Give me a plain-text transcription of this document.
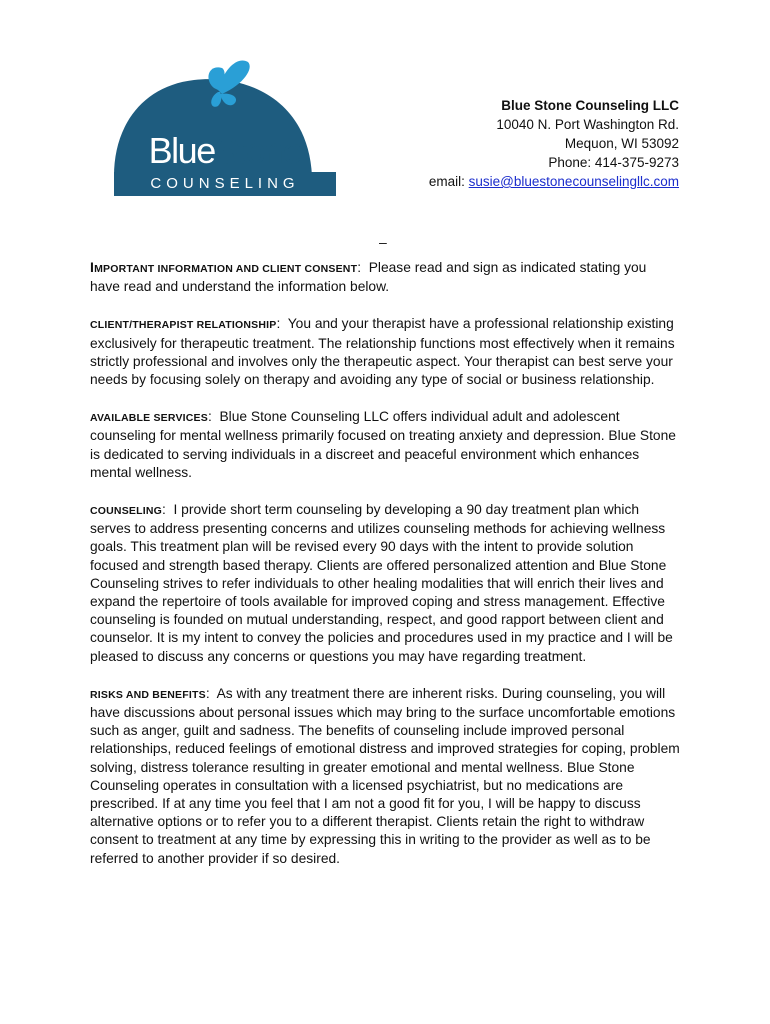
BlueStone
COUNSELING
Blue Stone Counseling LLC
10040 N. Port Washington Rd.
Mequon, WI 53092
Phone: 414-375-9273
email: susie@bluestonecounselingllc.com
–

IMPORTANT INFORMATION AND CLIENT CONSENT:  Please read and sign as indicated stating you have read and understand the information below.

CLIENT/THERAPIST RELATIONSHIP:  You and your therapist have a professional relationship existing exclusively for therapeutic treatment. The relationship functions most effectively when it remains strictly professional and involves only the therapeutic aspect. Your therapist can best serve your needs by focusing solely on therapy and avoiding any type of social or business relationship.

AVAILABLE SERVICES:  Blue Stone Counseling LLC offers individual adult and adolescent counseling for mental wellness primarily focused on treating anxiety and depression. Blue Stone is dedicated to serving individuals in a discreet and peaceful environment which enhances mental wellness.

COUNSELING:  I provide short term counseling by developing a 90 day treatment plan which serves to address presenting concerns and utilizes counseling methods for achieving wellness goals. This treatment plan will be revised every 90 days with the intent to provide solution focused and strength based therapy. Clients are offered personalized attention and Blue Stone Counseling strives to refer individuals to other healing modalities that will enrich their lives and expand the repertoire of tools available for improved coping and stress management. Effective counseling is founded on mutual understanding, respect, and good rapport between client and counselor. It is my intent to convey the policies and procedures used in my practice and I will be pleased to discuss any concerns or questions you may have regarding treatment.

RISKS AND BENEFITS:  As with any treatment there are inherent risks. During counseling, you will have discussions about personal issues which may bring to the surface uncomfortable emotions such as anger, guilt and sadness. The benefits of counseling include improved personal relationships, reduced feelings of emotional distress and improved strategies for coping, problem solving, distress tolerance resulting in greater emotional and mental wellness. Blue Stone Counseling operates in consultation with a licensed psychiatrist, but no medications are prescribed. If at any time you feel that I am not a good fit for you, I will be happy to discuss alternative options or to refer you to a different therapist. Clients retain the right to withdraw consent to treatment at any time by expressing this in writing to the provider as well as to be referred to another provider if so desired.
